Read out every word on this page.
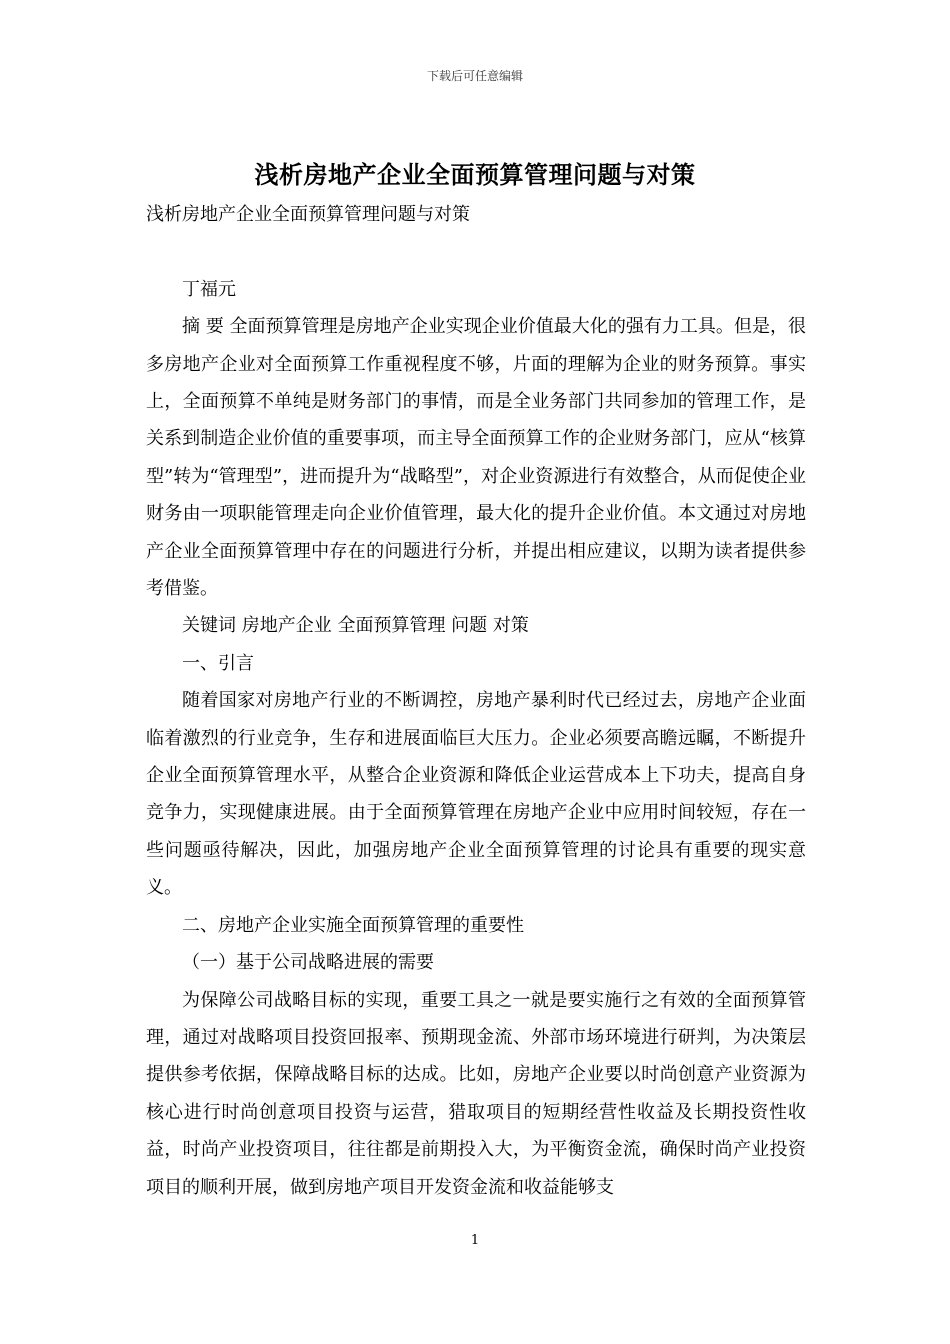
下载后可任意编辑
浅析房地产企业全面预算管理问题与对策

浅析房地产企业全面预算管理问题与对策

丁福元

摘 要 全面预算管理是房地产企业实现企业价值最大化的强有力工具。但是，很多房地产企业对全面预算工作重视程度不够，片面的理解为企业的财务预算。事实上，全面预算不单纯是财务部门的事情，而是全业务部门共同参加的管理工作，是关系到制造企业价值的重要事项，而主导全面预算工作的企业财务部门，应从“核算型”转为“管理型”，进而提升为“战略型”，对企业资源进行有效整合，从而促使企业财务由一项职能管理走向企业价值管理，最大化的提升企业价值。本文通过对房地产企业全面预算管理中存在的问题进行分析，并提出相应建议，以期为读者提供参考借鉴。

关键词 房地产企业 全面预算管理 问题 对策

一、引言

随着国家对房地产行业的不断调控，房地产暴利时代已经过去，房地产企业面临着激烈的行业竞争，生存和进展面临巨大压力。企业必须要高瞻远瞩，不断提升企业全面预算管理水平，从整合企业资源和降低企业运营成本上下功夫，提高自身竞争力，实现健康进展。由于全面预算管理在房地产企业中应用时间较短，存在一些问题亟待解决，因此，加强房地产企业全面预算管理的讨论具有重要的现实意义。

二、房地产企业实施全面预算管理的重要性

（一）基于公司战略进展的需要

为保障公司战略目标的实现，重要工具之一就是要实施行之有效的全面预算管理，通过对战略项目投资回报率、预期现金流、外部市场环境进行研判，为决策层提供参考依据，保障战略目标的达成。比如，房地产企业要以时尚创意产业资源为核心进行时尚创意项目投资与运营，猎取项目的短期经营性收益及长期投资性收益，时尚产业投资项目，往往都是前期投入大，为平衡资金流，确保时尚产业投资项目的顺利开展，做到房地产项目开发资金流和收益能够支

1
